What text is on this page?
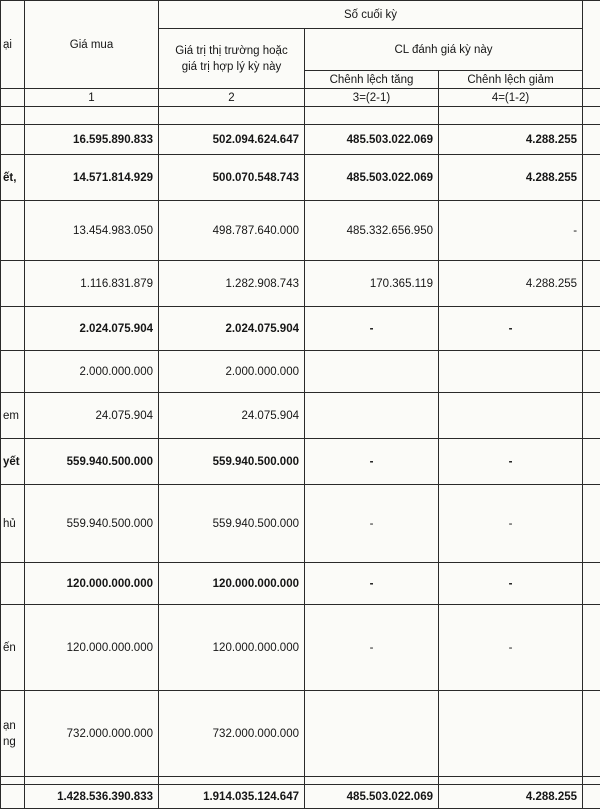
ại	Giá mua	Số cuối kỳ			

		Giá trị thị trường hoặc
giá trị hợp lý kỳ này	CL đánh giá kỳ này		
			Chênh lệch tăng	Chênh lệch giảm	
	1	2	3=(2-1)	4=(1-2)	

	16.595.890.833	502.094.624.647	485.503.022.069	4.288.255	
ết,	14.571.814.929	500.070.548.743	485.503.022.069	4.288.255	
	13.454.983.050	498.787.640.000	485.332.656.950	-	
	1.116.831.879	1.282.908.743	170.365.119	4.288.255	
	2.024.075.904	2.024.075.904	-	-	
	2.000.000.000	2.000.000.000			
em	24.075.904	24.075.904			
yết	559.940.500.000	559.940.500.000	-	-	
hủ	559.940.500.000	559.940.500.000	-	-	
	120.000.000.000	120.000.000.000	-	-	
ến	120.000.000.000	120.000.000.000	-	-	

ạn
ng	732.000.000.000	732.000.000.000			

	1.428.536.390.833	1.914.035.124.647	485.503.022.069	4.288.255	
